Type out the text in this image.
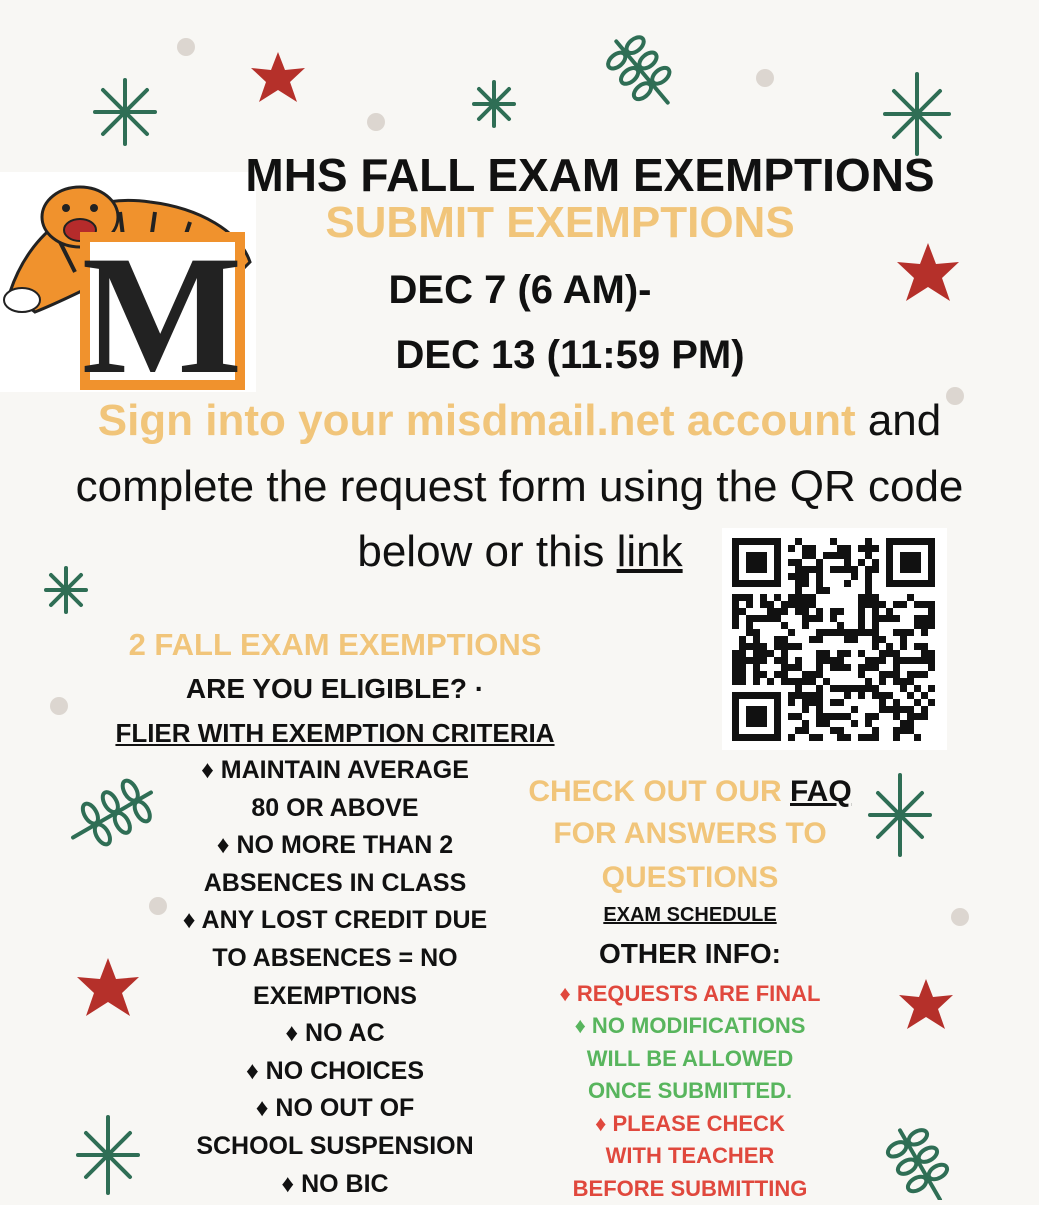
M
MHS FALL EXAM EXEMPTIONS
SUBMIT EXEMPTIONS
DEC 7 (6 AM)-
DEC 13 (11:59 PM)
Sign into your misdmail.net account and
complete the request form using the QR code
below or this link
2 FALL EXAM EXEMPTIONS
ARE YOU ELIGIBLE? ·
FLIER WITH EXEMPTION CRITERIA
♦ MAINTAIN AVERAGE
80 OR ABOVE
♦ NO MORE THAN 2
ABSENCES IN CLASS
♦ ANY LOST CREDIT DUE
TO ABSENCES = NO
EXEMPTIONS
♦ NO AC
♦ NO CHOICES
♦ NO OUT OF
SCHOOL SUSPENSION
♦ NO BIC
CHECK OUT OUR FAQ
FOR ANSWERS TO
QUESTIONS
EXAM SCHEDULE
OTHER INFO:
♦ REQUESTS ARE FINAL
♦ NO MODIFICATIONS
WILL BE ALLOWED
ONCE SUBMITTED.
♦ PLEASE CHECK
WITH TEACHER
BEFORE SUBMITTING
